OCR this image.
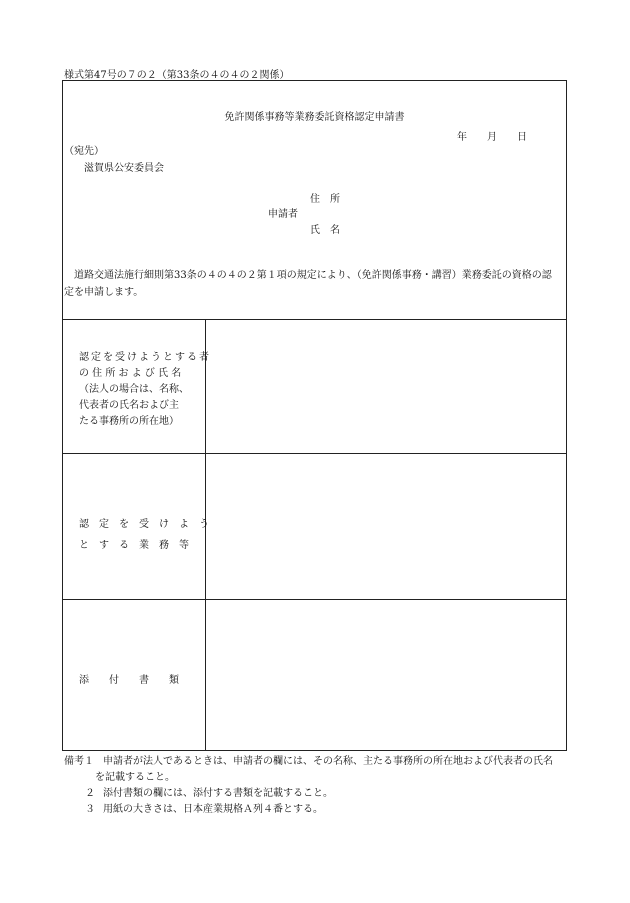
様式第47号の７の２（第33条の４の４の２関係）
免許関係事務等業務委託資格認定申請書
年　　月　　日
（宛先）
滋賀県公安委員会
住　所
申請者
氏　名
道路交通法施行細則第33条の４の４の２第１項の規定により、（免許関係事務・講習）業務委託の資格の認
定を申請します。
認定を受けようとする者
の 住 所 お よ び 氏 名
（法人の場合は、名称、
代表者の氏名および主
たる事務所の所在地）
認　定　を　受　け　よ　う
と　す　る　業　務　等
添　　付　　書　　類
備考１ 申請者が法人であるときは、申請者の欄には、その名称、主たる事務所の所在地および代表者の氏名
を記載すること。
２ 添付書類の欄には、添付する書類を記載すること。
３ 用紙の大きさは、日本産業規格Ａ列４番とする。
